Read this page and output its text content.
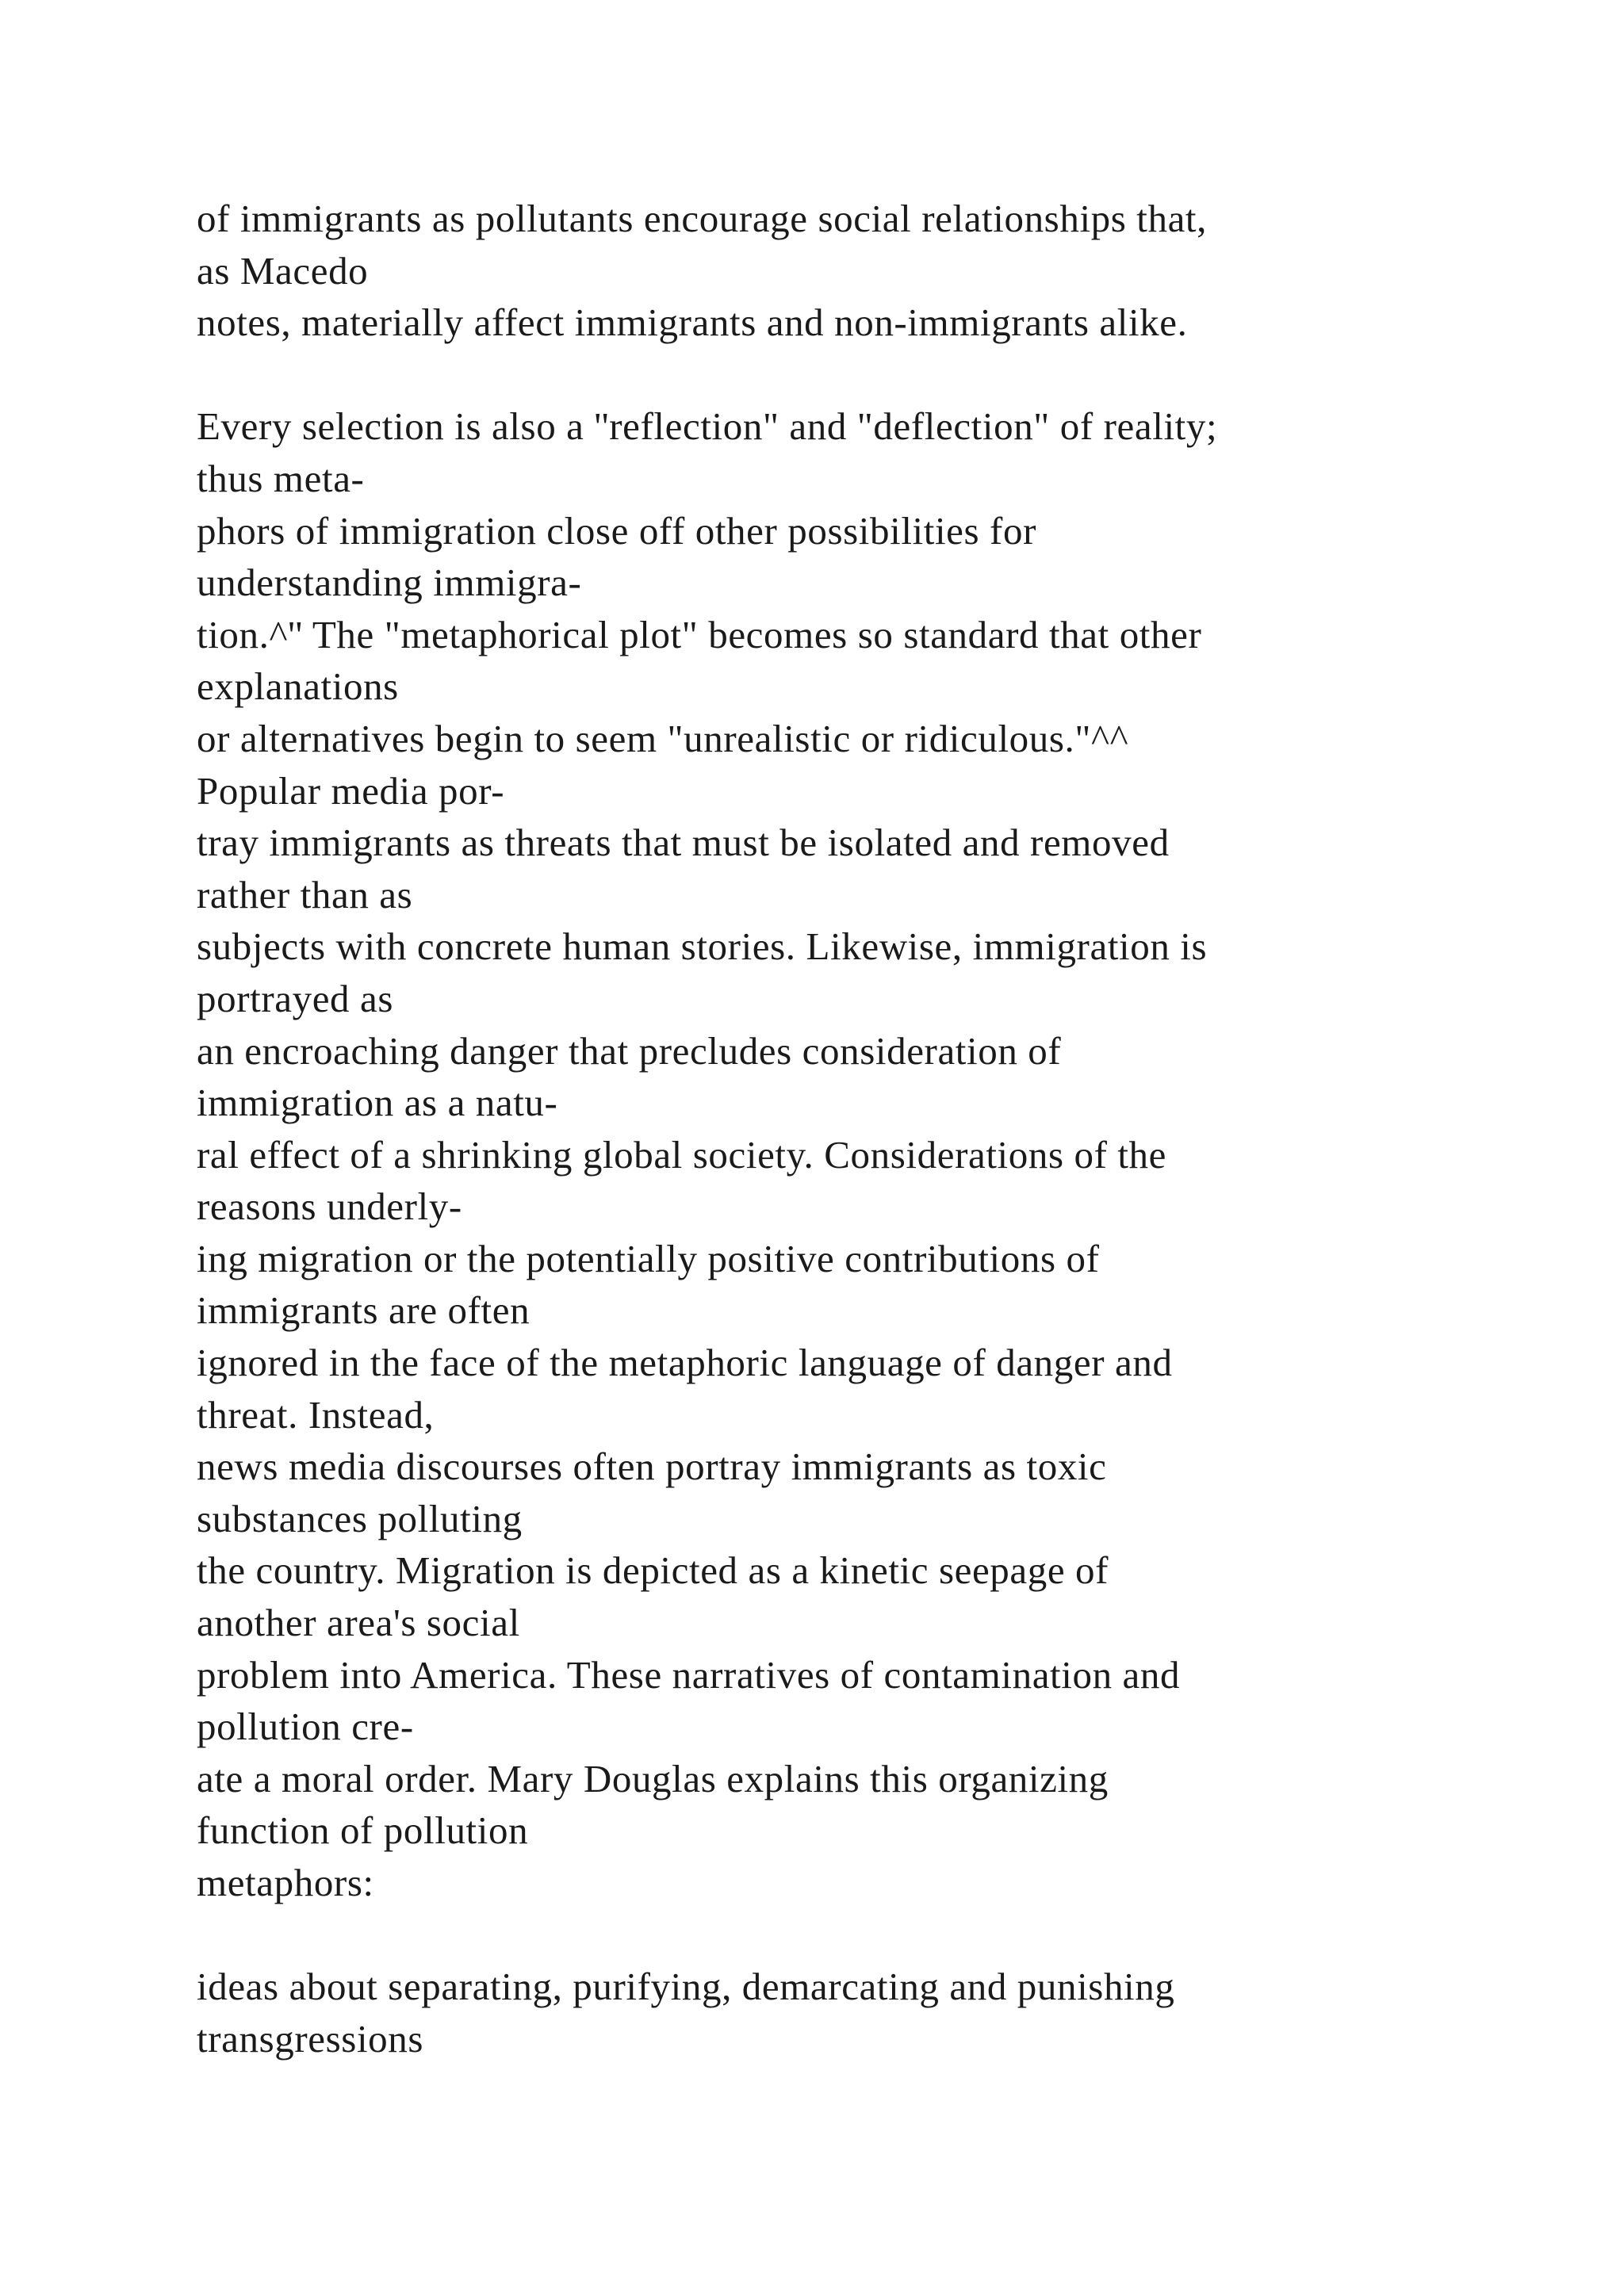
of immigrants as pollutants encourage social relationships that,
as Macedo
notes, materially affect immigrants and non-immigrants alike.
Every selection is also a ''reflection" and "deflection" of reality;
thus meta-
phors of immigration close off other possibilities for
understanding immigra-
tion.^'' The "metaphorical plot" becomes so standard that other
explanations
or alternatives begin to seem "unrealistic or ridiculous."^^
Popular media por-
tray immigrants as threats that must be isolated and removed
rather than as
subjects with concrete human stories. Likewise, immigration is
portrayed as
an encroaching danger that precludes consideration of
immigration as a natu-
ral effect of a shrinking global society. Considerations of the
reasons underly-
ing migration or the potentially positive contributions of
immigrants are often
ignored in the face of the metaphoric language of danger and
threat. Instead,
news media discourses often portray immigrants as toxic
substances polluting
the country. Migration is depicted as a kinetic seepage of
another area's social
problem into America. These narratives of contamination and
pollution cre-
ate a moral order. Mary Douglas explains this organizing
function of pollution
metaphors:
ideas about separating, purifying, demarcating and punishing
transgressions
